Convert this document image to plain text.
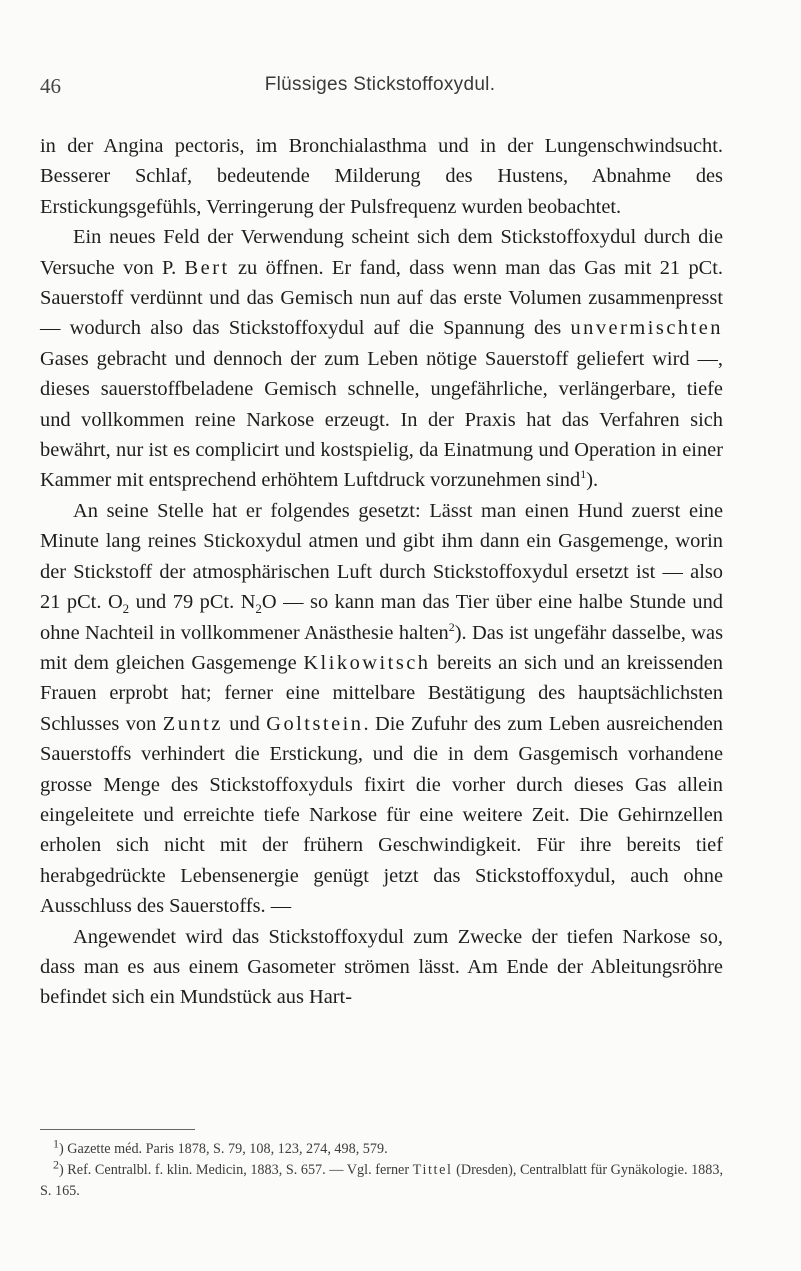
46	Flüssiges Stickstoffoxydul.

in der Angina pectoris, im Bronchialasthma und in der Lungenschwindsucht. Besserer Schlaf, bedeutende Milderung des Hustens, Abnahme des Erstickungsgefühls, Verringerung der Pulsfrequenz wurden beobachtet.

Ein neues Feld der Verwendung scheint sich dem Stickstoffoxydul durch die Versuche von P. Bert zu öffnen. Er fand, dass wenn man das Gas mit 21 pCt. Sauerstoff verdünnt und das Gemisch nun auf das erste Volumen zusammenpresst — wodurch also das Stickstoffoxydul auf die Spannung des unvermischten Gases gebracht und dennoch der zum Leben nötige Sauerstoff geliefert wird —, dieses sauerstoffbeladene Gemisch schnelle, ungefährliche, verlängerbare, tiefe und vollkommen reine Narkose erzeugt. In der Praxis hat das Verfahren sich bewährt, nur ist es complicirt und kostspielig, da Einatmung und Operation in einer Kammer mit entsprechend erhöhtem Luftdruck vorzunehmen sind$^1$).

An seine Stelle hat er folgendes gesetzt: Lässt man einen Hund zuerst eine Minute lang reines Stickoxydul atmen und gibt ihm dann ein Gasgemenge, worin der Stickstoff der atmosphärischen Luft durch Stickstoffoxydul ersetzt ist — also 21 pCt. $O_2$ und 79 pCt. $N_2O$ — so kann man das Tier über eine halbe Stunde und ohne Nachteil in vollkommener Anästhesie halten$^2$). Das ist ungefähr dasselbe, was mit dem gleichen Gasgemenge Klikowitsch bereits an sich und an kreissenden Frauen erprobt hat; ferner eine mittelbare Bestätigung des hauptsächlichsten Schlusses von Zuntz und Goltstein. Die Zufuhr des zum Leben ausreichenden Sauerstoffs verhindert die Erstickung, und die in dem Gasgemisch vorhandene grosse Menge des Stickstoffoxyduls fixirt die vorher durch dieses Gas allein eingeleitete und erreichte tiefe Narkose für eine weitere Zeit. Die Gehirnzellen erholen sich nicht mit der frühern Geschwindigkeit. Für ihre bereits tief herabgedrückte Lebensenergie genügt jetzt das Stickstoffoxydul, auch ohne Ausschluss des Sauerstoffs. —

Angewendet wird das Stickstoffoxydul zum Zwecke der tiefen Narkose so, dass man es aus einem Gasometer strömen lässt. Am Ende der Ableitungsröhre befindet sich ein Mundstück aus Hart-

$^1$) Gazette méd. Paris 1878, S. 79, 108, 123, 274, 498, 579.

$^2$) Ref. Centralbl. f. klin. Medicin, 1883, S. 657. — Vgl. ferner Tittel (Dresden), Centralblatt für Gynäkologie. 1883, S. 165.
